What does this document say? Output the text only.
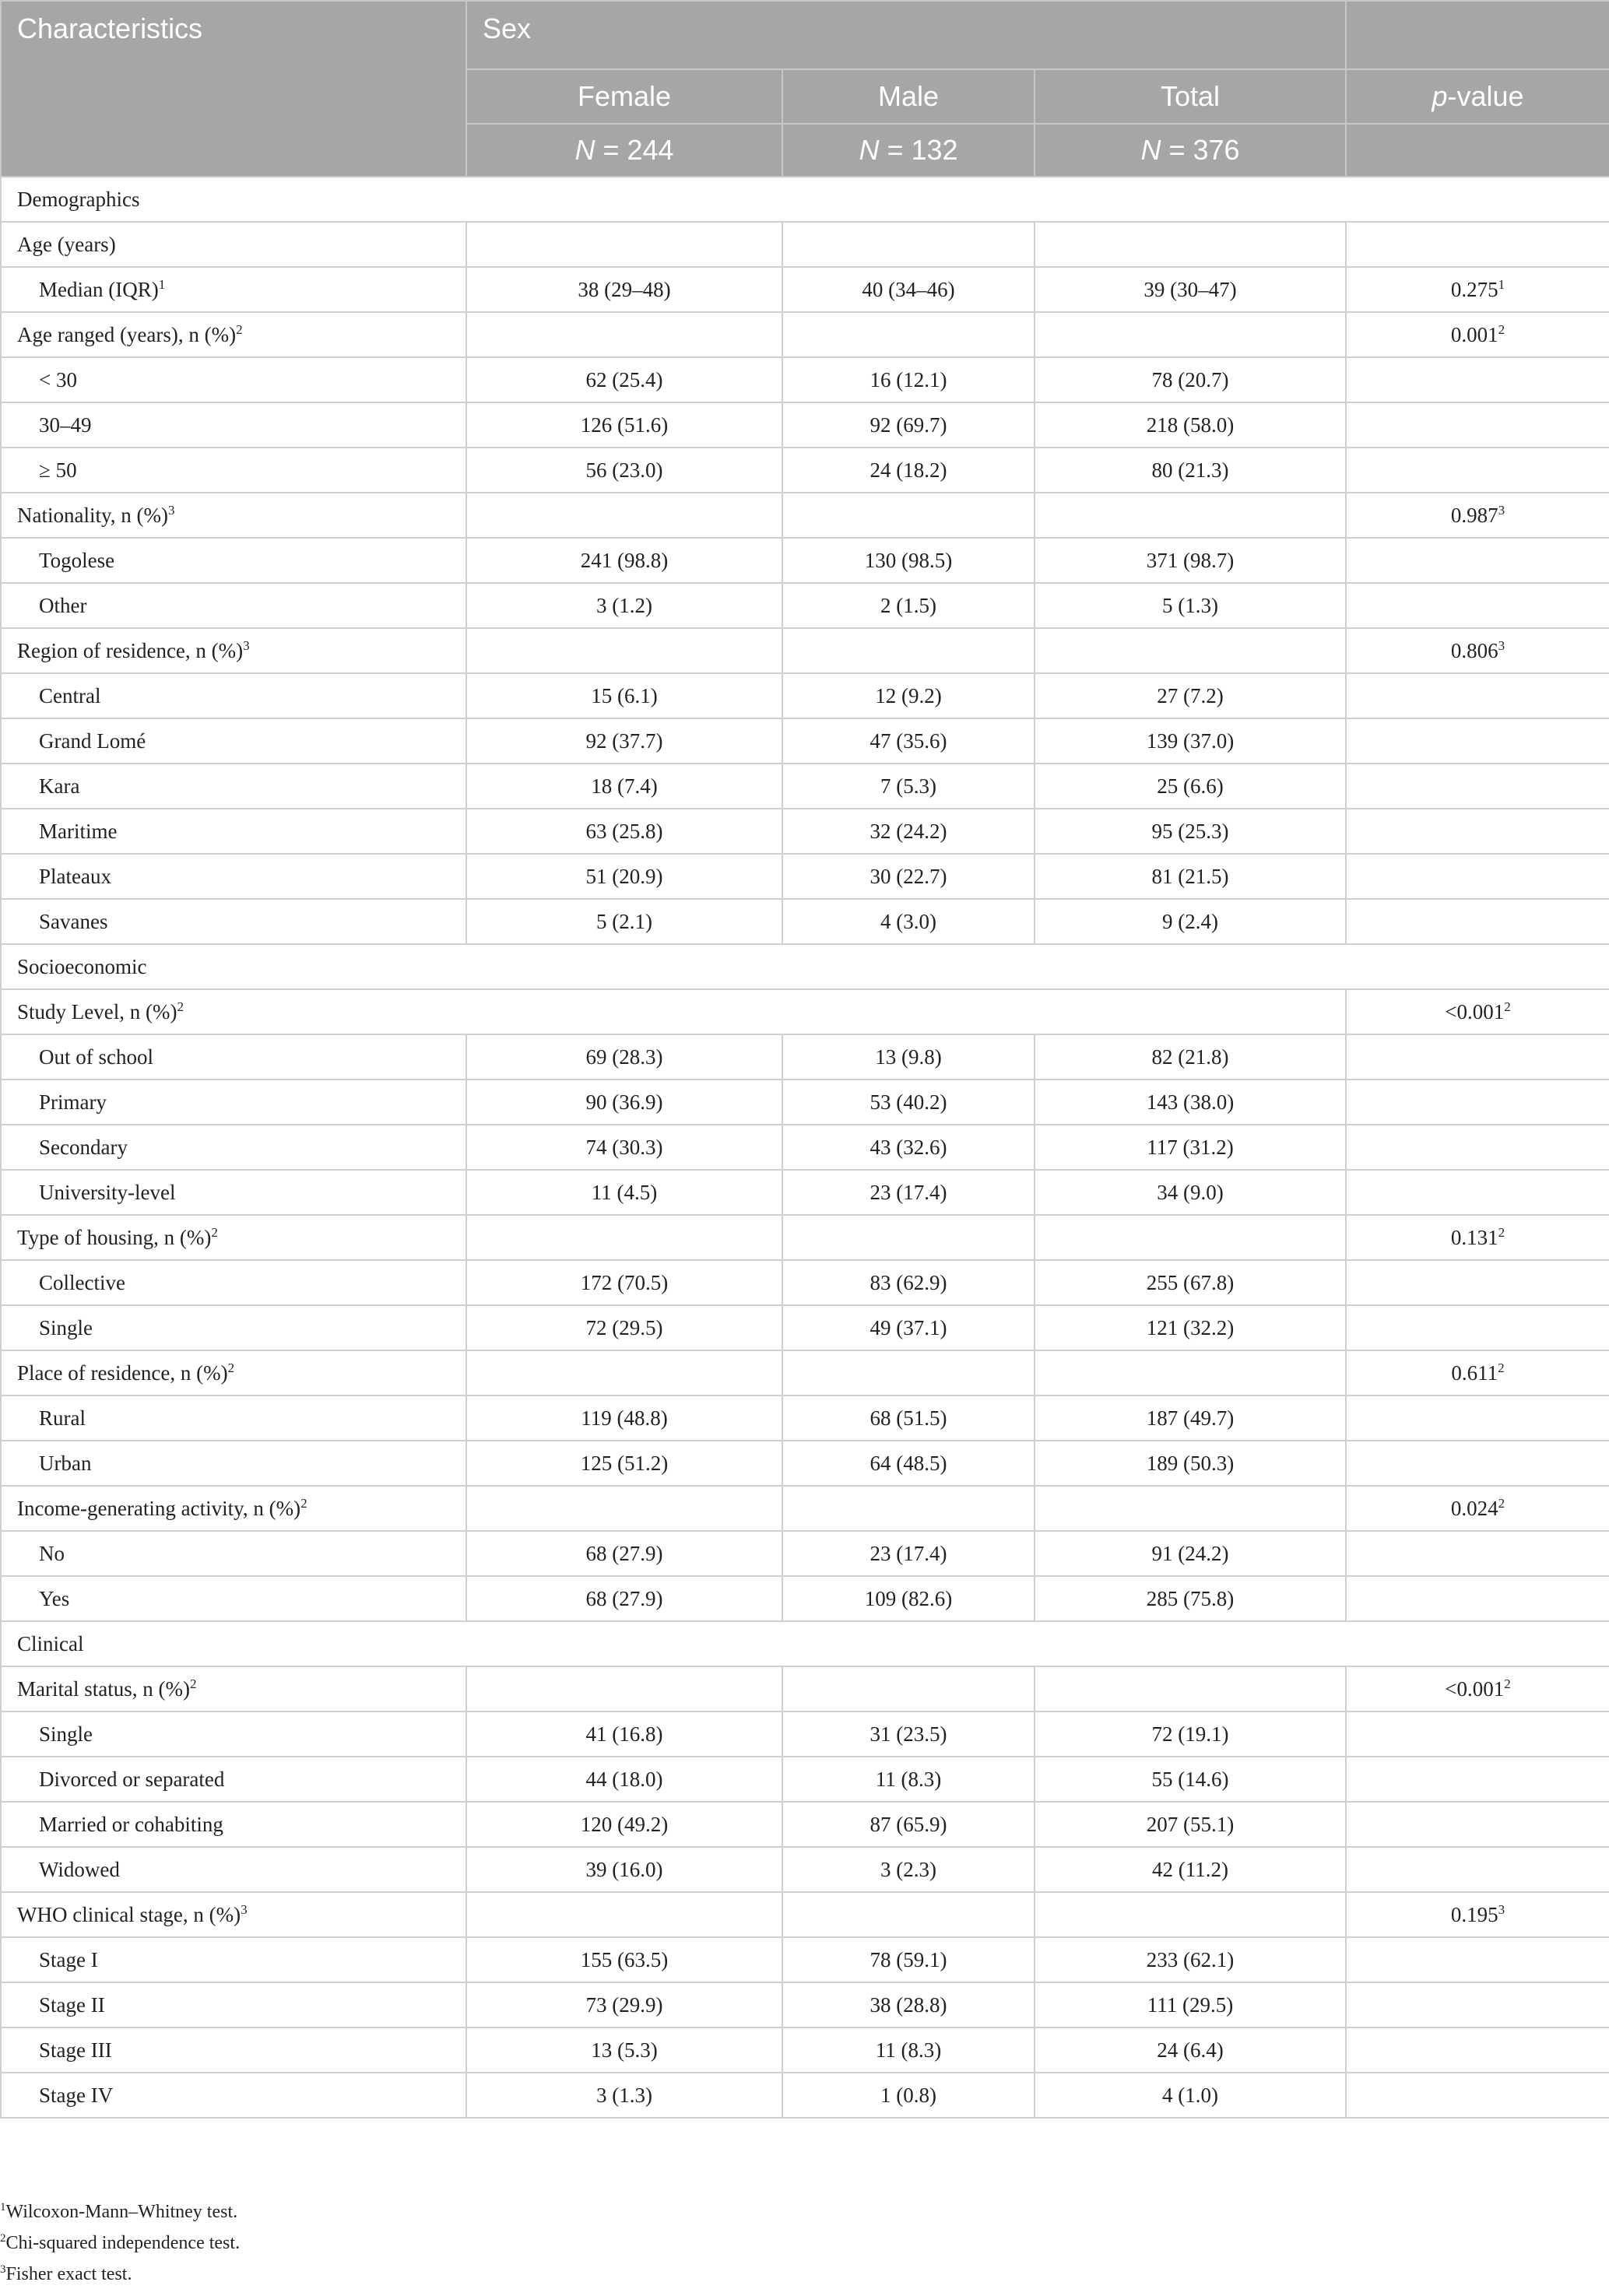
Characteristics	Sex			
	Female	Male	Total	p-value
	N = 244	N = 132	N = 376	
Demographics				
Age (years)				
Median (IQR)$^1$	38 (29–48)	40 (34–46)	39 (30–47)	0.275$^1$
Age ranged (years), n (%)$^2$				$0.001^2$
< 30	62 (25.4)	16 (12.1)	78 (20.7)	
30–49	126 (51.6)	92 (69.7)	218 (58.0)	
≥ 50	56 (23.0)	24 (18.2)	80 (21.3)	
Nationality, n (%)$^3$				0.987$^3$
Togolese	241 (98.8)	130 (98.5)	371 (98.7)	
Other	3 (1.2)	2 (1.5)	5 (1.3)	
Region of residence, n (%)$^3$				0.806$^3$
Central	15 (6.1)	12 (9.2)	27 (7.2)	
Grand Lomé	92 (37.7)	47 (35.6)	139 (37.0)	
Kara	18 (7.4)	7 (5.3)	25 (6.6)	
Maritime	63 (25.8)	32 (24.2)	95 (25.3)	
Plateaux	51 (20.9)	30 (22.7)	81 (21.5)	
Savanes	5 (2.1)	4 (3.0)	9 (2.4)	
Socioeconomic				
Study Level, n (%)$^2$				$<0.001^2$
Out of school	69 (28.3)	13 (9.8)	82 (21.8)	
Primary	90 (36.9)	53 (40.2)	143 (38.0)	
Secondary	74 (30.3)	43 (32.6)	117 (31.2)	
University-level	11 (4.5)	23 (17.4)	34 (9.0)	
Type of housing, n (%)$^2$				0.131$^2$
Collective	172 (70.5)	83 (62.9)	255 (67.8)	
Single	72 (29.5)	49 (37.1)	121 (32.2)	
Place of residence, n (%)$^2$				0.611$^2$
Rural	119 (48.8)	68 (51.5)	187 (49.7)	
Urban	125 (51.2)	64 (48.5)	189 (50.3)	
Income-generating activity, n (%)$^2$				0.024$^2$
No	68 (27.9)	23 (17.4)	91 (24.2)	
Yes	68 (27.9)	109 (82.6)	285 (75.8)	
Clinical				
Marital status, n (%)$^2$				$<0.001^2$
Single	41 (16.8)	31 (23.5)	72 (19.1)	
Divorced or separated	44 (18.0)	11 (8.3)	55 (14.6)	
Married or cohabiting	120 (49.2)	87 (65.9)	207 (55.1)	
Widowed	39 (16.0)	3 (2.3)	42 (11.2)	
WHO clinical stage, n (%)$^3$				0.195$^3$
Stage I	155 (63.5)	78 (59.1)	233 (62.1)	
Stage II	73 (29.9)	38 (28.8)	111 (29.5)	
Stage III	13 (5.3)	11 (8.3)	24 (6.4)	
Stage IV	3 (1.3)	1 (0.8)	4 (1.0)	
$^1$Wilcoxon-Mann–Whitney test.
$^2$Chi-squared independence test.
$^3$Fisher exact test.
